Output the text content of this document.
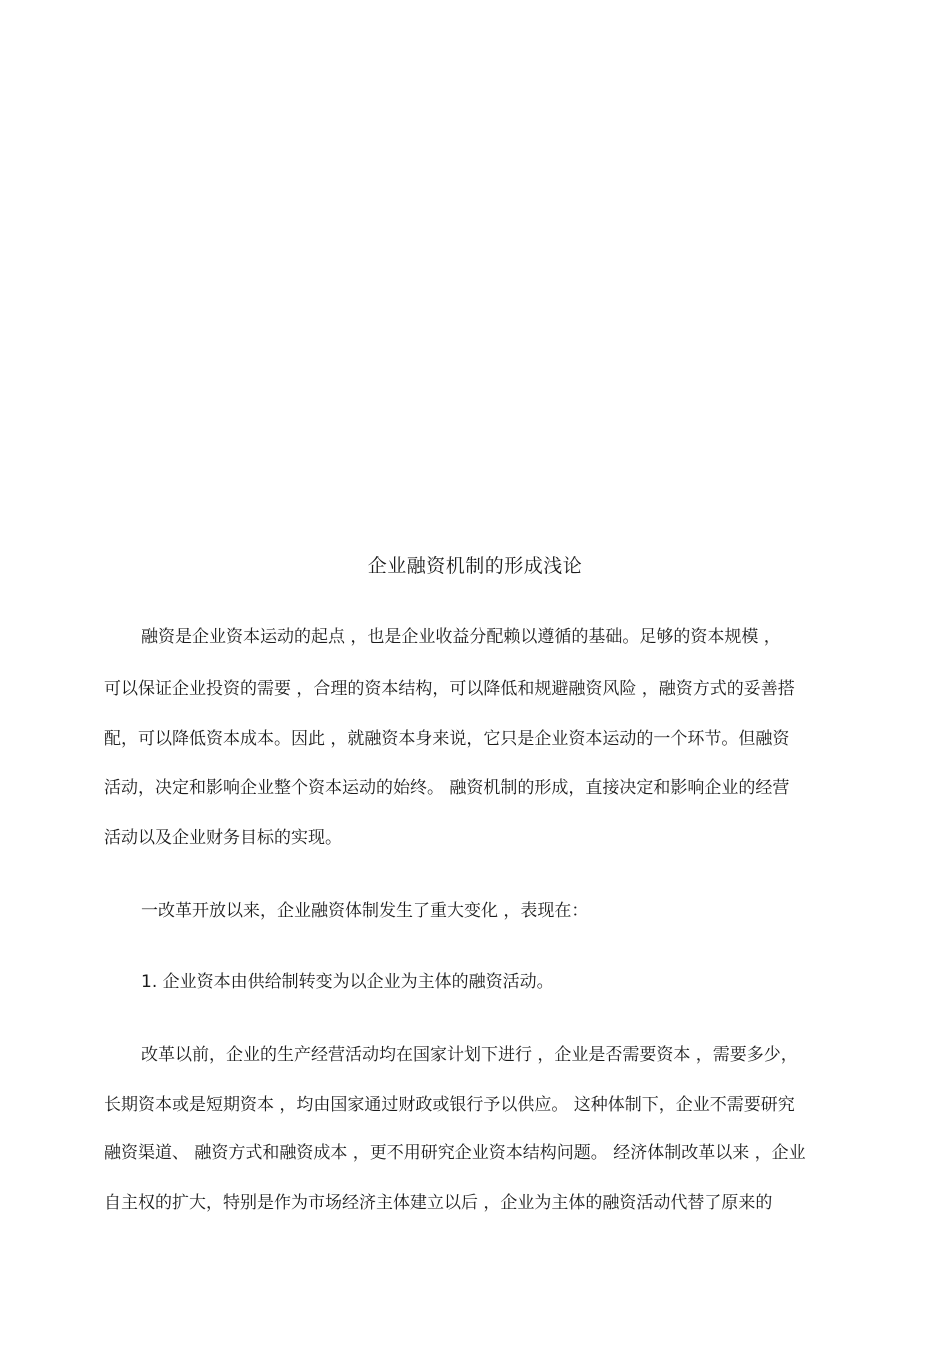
企业融资机制的形成浅论
融资是企业资本运动的起点 ，也是企业收益分配赖以遵循的基础。足够的资本规模 ，
可以保证企业投资的需要 ，合理的资本结构，可以降低和规避融资风险 ，融资方式的妥善搭
配，可以降低资本成本。因此 ，就融资本身来说，它只是企业资本运动的一个环节。但融资
活动，决定和影响企业整个资本运动的始终。 融资机制的形成，直接决定和影响企业的经营
活动以及企业财务目标的实现。
一改革开放以来，企业融资体制发生了重大变化 ，表现在：
1. 企业资本由供给制转变为以企业为主体的融资活动。
改革以前，企业的生产经营活动均在国家计划下进行 ，企业是否需要资本 ，需要多少，
长期资本或是短期资本 ，均由国家通过财政或银行予以供应。 这种体制下，企业不需要研究
融资渠道、 融资方式和融资成本 ，更不用研究企业资本结构问题。 经济体制改革以来 ，企业
自主权的扩大，特别是作为市场经济主体建立以后 ，企业为主体的融资活动代替了原来的
